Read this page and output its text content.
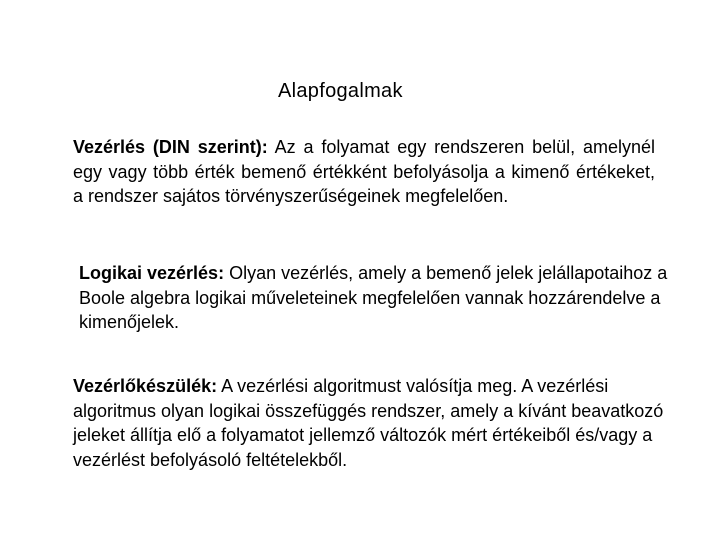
Alapfogalmak
Vezérlés (DIN szerint): Az a folyamat egy rendszeren belül, amelynél egy vagy több érték bemenő értékként befolyásolja a kimenő értékeket, a rendszer sajátos törvényszerűségeinek megfelelően.
Logikai vezérlés: Olyan vezérlés, amely a bemenő jelek jelállapotaihoz a Boole algebra logikai műveleteinek megfelelően vannak hozzárendelve a kimenőjelek.
Vezérlőkészülék: A vezérlési algoritmust valósítja meg. A vezérlési algoritmus olyan logikai összefüggés rendszer, amely a kívánt beavatkozó jeleket állítja elő a folyamatot jellemző változók mért értékeiből és/vagy a vezérlést befolyásoló feltételekből.
